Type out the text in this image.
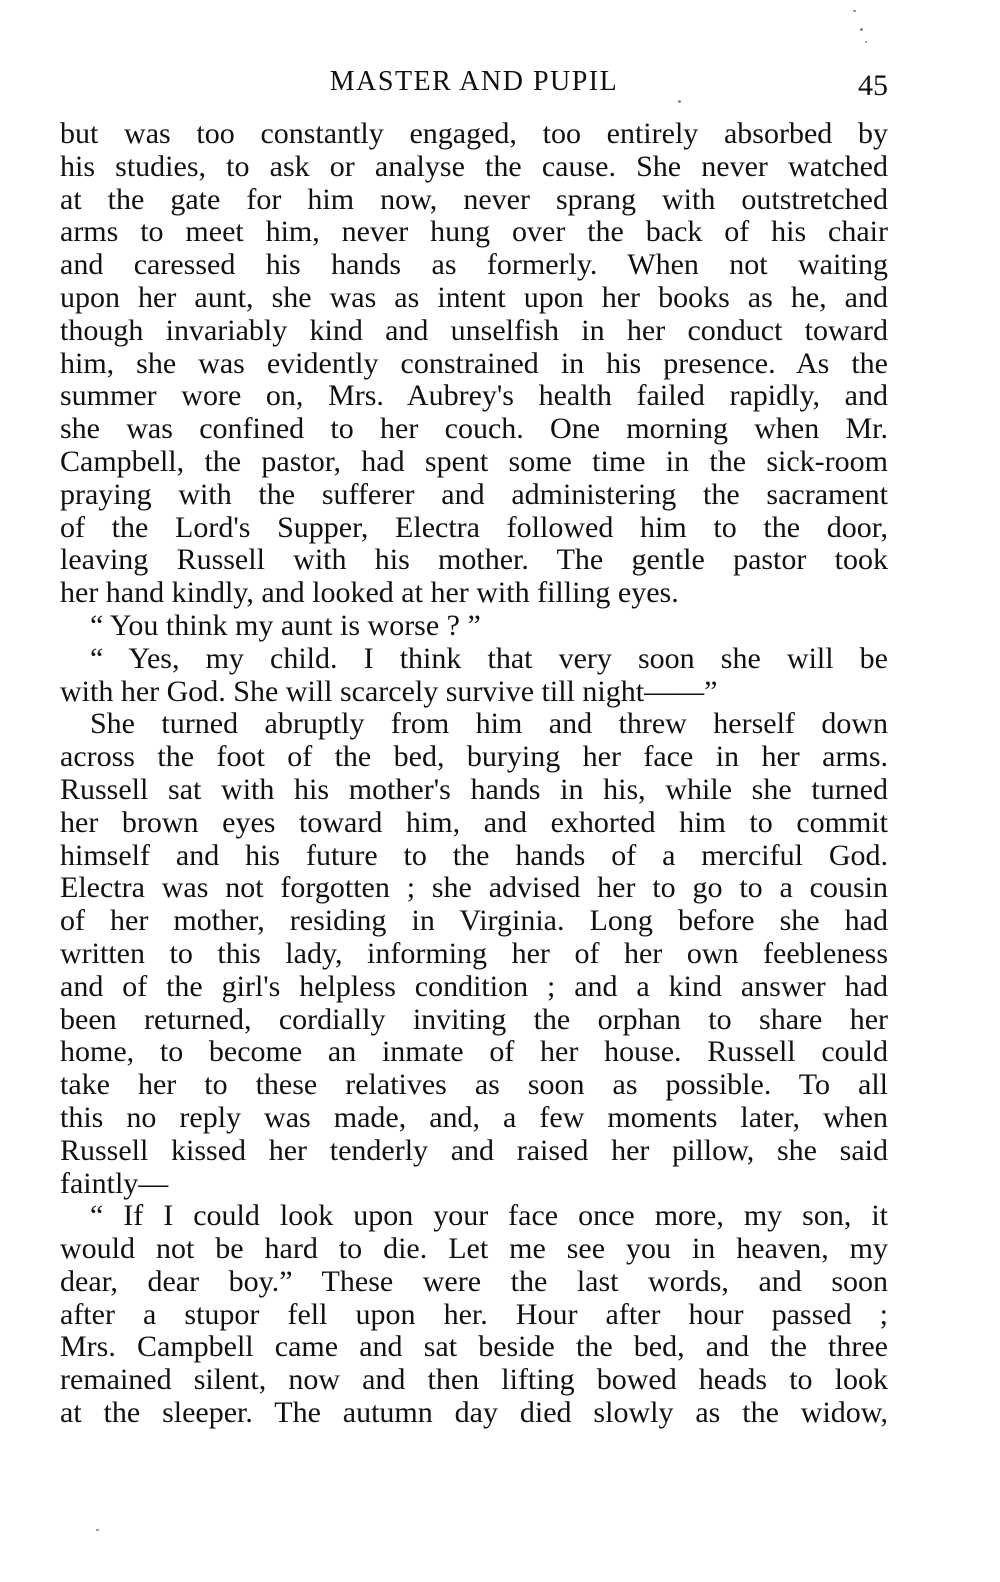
MASTER AND PUPIL	45
but was too constantly engaged, too entirely absorbed by
his studies, to ask or analyse the cause. She never watched
at the gate for him now, never sprang with outstretched
arms to meet him, never hung over the back of his chair
and caressed his hands as formerly. When not waiting
upon her aunt, she was as intent upon her books as he, and
though invariably kind and unselfish in her conduct toward
him, she was evidently constrained in his presence. As the
summer wore on, Mrs. Aubrey's health failed rapidly, and
she was confined to her couch. One morning when Mr.
Campbell, the pastor, had spent some time in the sick-room
praying with the sufferer and administering the sacrament
of the Lord's Supper, Electra followed him to the door,
leaving Russell with his mother. The gentle pastor took
her hand kindly, and looked at her with filling eyes.
“ You think my aunt is worse ? ”
“ Yes, my child. I think that very soon she will be
with her God. She will scarcely survive till night——”
She turned abruptly from him and threw herself down
across the foot of the bed, burying her face in her arms.
Russell sat with his mother's hands in his, while she turned
her brown eyes toward him, and exhorted him to commit
himself and his future to the hands of a merciful God.
Electra was not forgotten ; she advised her to go to a cousin
of her mother, residing in Virginia. Long before she had
written to this lady, informing her of her own feebleness
and of the girl's helpless condition ; and a kind answer had
been returned, cordially inviting the orphan to share her
home, to become an inmate of her house. Russell could
take her to these relatives as soon as possible. To all
this no reply was made, and, a few moments later, when
Russell kissed her tenderly and raised her pillow, she said
faintly—
“ If I could look upon your face once more, my son, it
would not be hard to die. Let me see you in heaven, my
dear, dear boy.” These were the last words, and soon
after a stupor fell upon her. Hour after hour passed ;
Mrs. Campbell came and sat beside the bed, and the three
remained silent, now and then lifting bowed heads to look
at the sleeper. The autumn day died slowly as the widow,
